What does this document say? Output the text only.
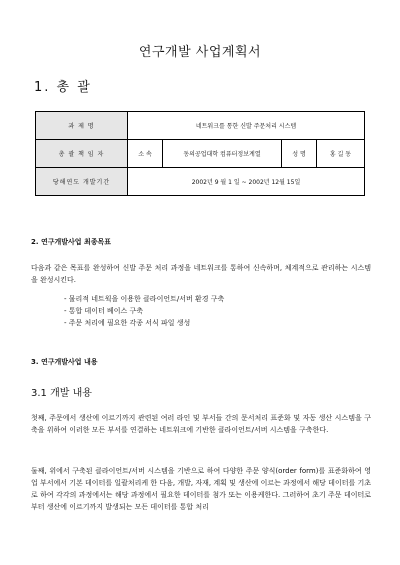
연구개발 사업계획서
1. 총 괄
과 제 명	네트워크를 통한 신발 주문처리 시스템			
총 괄 책 임 자	소 속	동의공업대학 컴퓨터정보계열	성 명	홍 길 동
당해연도 개발기간	2002년 9 월 1 일 ~ 2002년 12월 15일			
2. 연구개발사업 최종목표
다음과 같은 목표를 완성하여 신발 주문 처리 과정을 네트워크를 통하여 신속하며, 체계적으로 관리하는 시스템을 완성시킨다.
- 물리적 네트웍을 이용한 클라이언트/서버 환경 구축
- 통합 데이터 베이스 구축
- 주문 처리에 필요한 각종 서식 파일 생성
3. 연구개발사업 내용
3.1 개발 내용
첫째, 주문에서 생산에 이르기까지 관련된 여러 라인 및 부서들 간의 문서처리 표준화 및 자동 생산 시스템을 구축을 위하여 이러한 모든 부서를 연결하는 네트워크에 기반한 클라이언트/서버 시스템을 구축한다.
둘째, 위에서 구축된 클라이언트/서버 시스템을 기반으로 하여 다양한 주문 양식(order form)를 표준화하여 영업 부서에서 기본 데이터를 일괄처리케 한 다음, 개발, 자재, 계획 및 생산에 이르는 과정에서 해당 데이터를 기초로 하여 각각의 과정에서는 해당 과정에서 필요한 데이터를 첨가 또는 이용케한다. 그러하여 초기 주문 데이터로부터 생산에 이르기까지 발생되는 모든 데이터를 통합 처리
